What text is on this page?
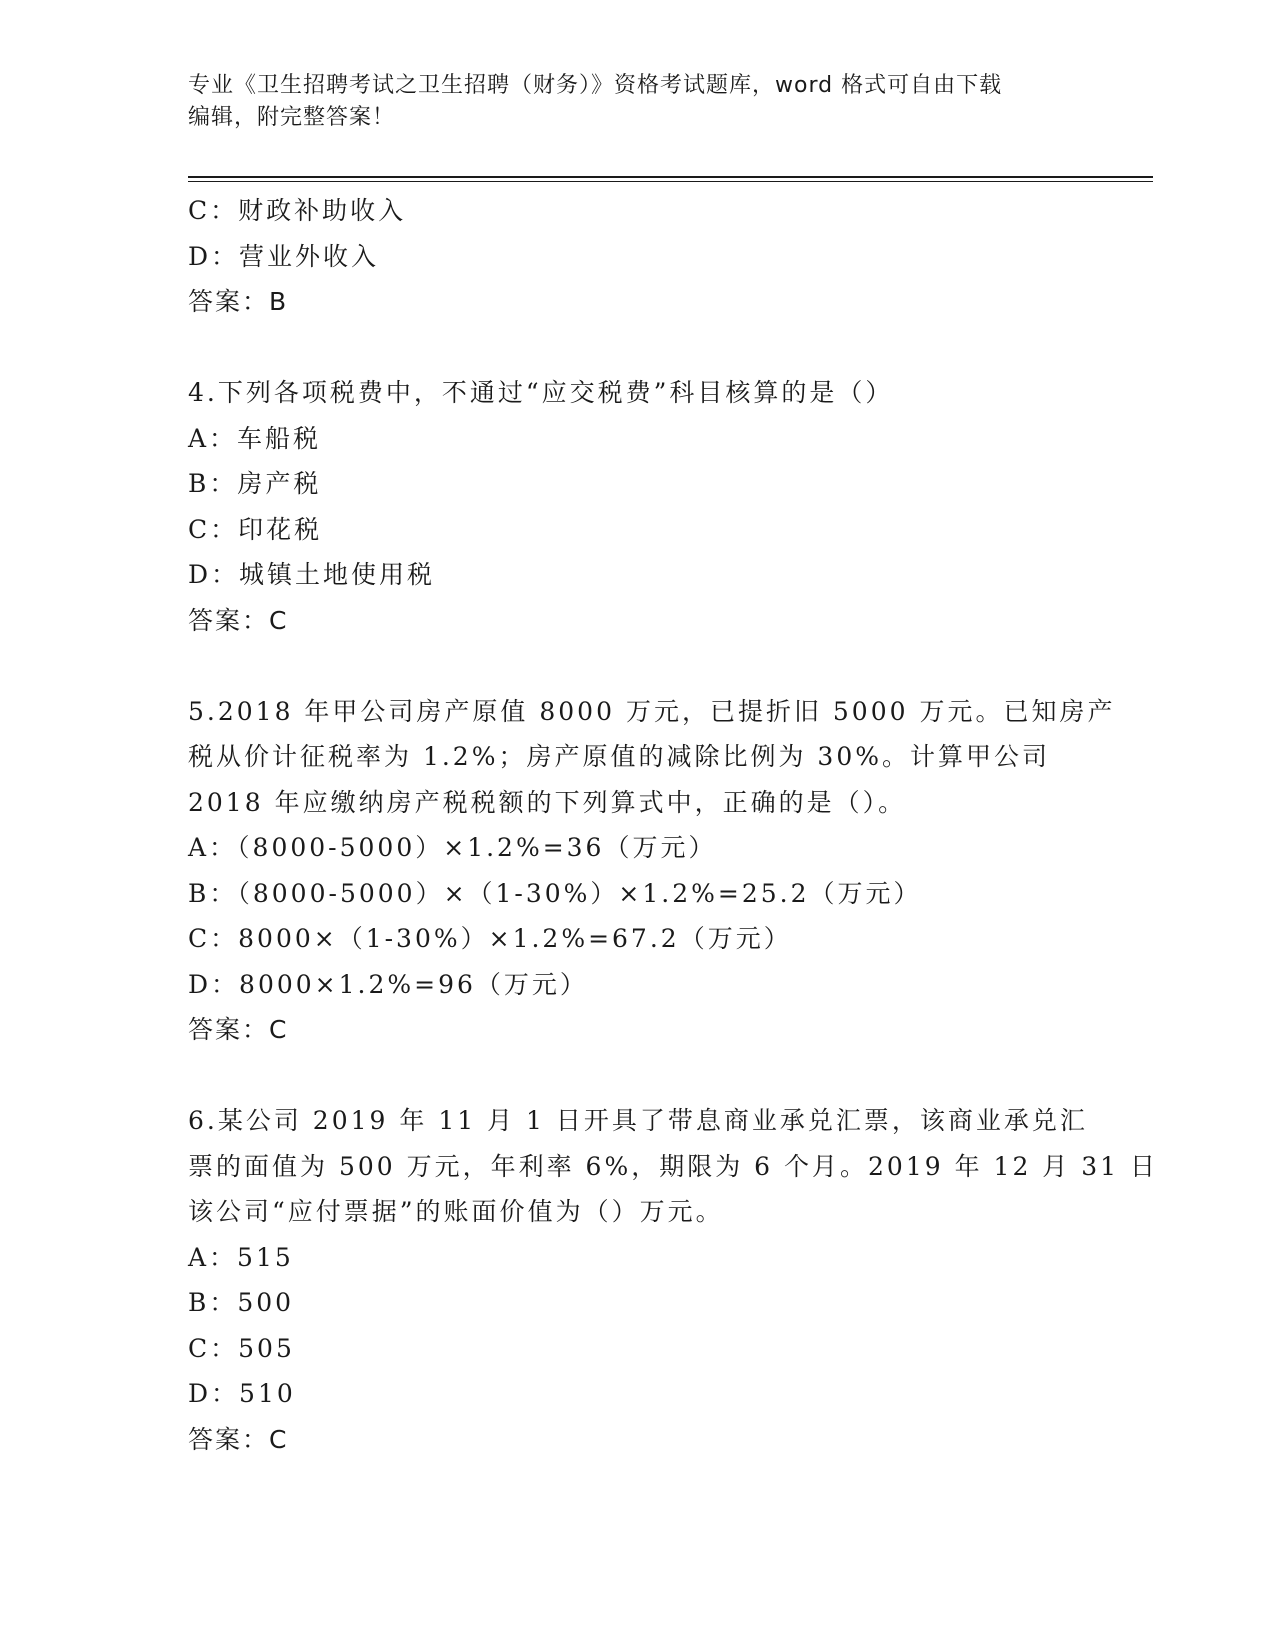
专业《卫生招聘考试之卫生招聘（财务）》资格考试题库，word 格式可自由下载
编辑，附完整答案！
C：财政补助收入
D：营业外收入
答案：B
4.下列各项税费中，不通过“应交税费”科目核算的是（）
A：车船税
B：房产税
C：印花税
D：城镇土地使用税
答案：C
5.2018 年甲公司房产原值 8000 万元，已提折旧 5000 万元。已知房产
税从价计征税率为 1.2%；房产原值的减除比例为 30%。计算甲公司
2018 年应缴纳房产税税额的下列算式中，正确的是（）。
A：（8000-5000）×1.2%=36（万元）
B：（8000-5000）×（1-30%）×1.2%=25.2（万元）
C：8000×（1-30%）×1.2%=67.2（万元）
D：8000×1.2%=96（万元）
答案：C
6.某公司 2019 年 11 月 1 日开具了带息商业承兑汇票，该商业承兑汇
票的面值为 500 万元，年利率 6%，期限为 6 个月。2019 年 12 月 31 日
该公司“应付票据”的账面价值为（）万元。
A：515
B：500
C：505
D：510
答案：C
